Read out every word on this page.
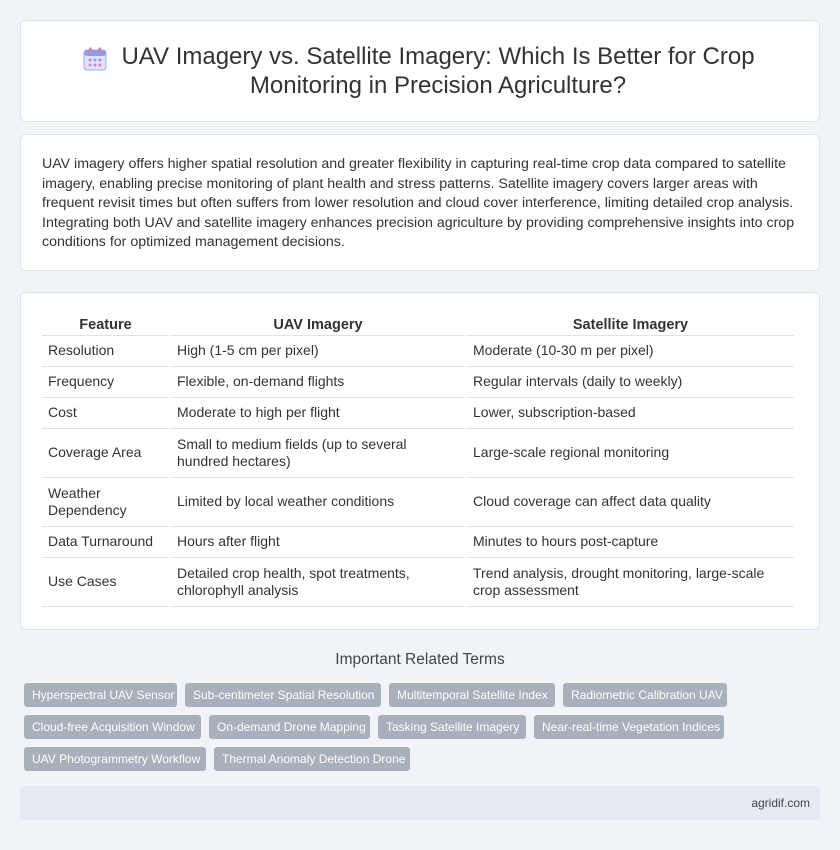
UAV Imagery vs. Satellite Imagery: Which Is Better for Crop Monitoring in Precision Agriculture?

UAV imagery offers higher spatial resolution and greater flexibility in capturing real-time crop data compared to satellite imagery, enabling precise monitoring of plant health and stress patterns. Satellite imagery covers larger areas with frequent revisit times but often suffers from lower resolution and cloud cover interference, limiting detailed crop analysis. Integrating both UAV and satellite imagery enhances precision agriculture by providing comprehensive insights into crop conditions for optimized management decisions.

Feature	UAV Imagery	Satellite Imagery
Resolution	High (1-5 cm per pixel)	Moderate (10-30 m per pixel)
Frequency	Flexible, on-demand flights	Regular intervals (daily to weekly)
Cost	Moderate to high per flight	Lower, subscription-based
Coverage Area	Small to medium fields (up to several hundred hectares)	Large-scale regional monitoring
Weather Dependency	Limited by local weather conditions	Cloud coverage can affect data quality
Data Turnaround	Hours after flight	Minutes to hours post-capture
Use Cases	Detailed crop health, spot treatments, chlorophyll analysis	Trend analysis, drought monitoring, large-scale crop assessment
Important Related Terms
Hyperspectral UAV Sensor	Sub-centimeter Spatial Resolution	Multitemporal Satellite Index	Radiometric Calibration UAV
Cloud-free Acquisition Window	On-demand Drone Mapping	Tasking Satellite Imagery	Near-real-time Vegetation Indices
UAV Photogrammetry Workflow	Thermal Anomaly Detection Drone
agridif.com
